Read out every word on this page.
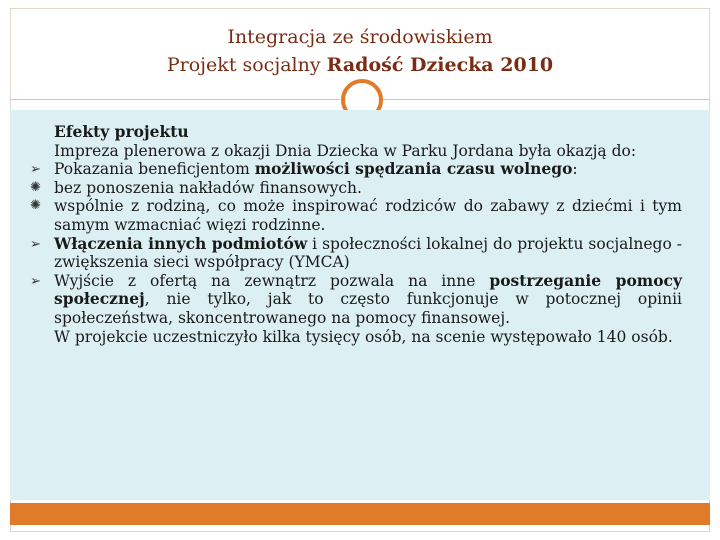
Integracja ze środowiskiem
Projekt socjalny Radość Dziecka 2010
Efekty projektu
Impreza plenerowa z okazji Dnia Dziecka w Parku Jordana była okazją do:
➢ Pokazania beneficjentom możliwości spędzania czasu wolnego:
✺ bez ponoszenia nakładów finansowych.
✺ wspólnie z rodziną, co może inspirować rodziców do zabawy z dziećmi i tym samym wzmacniać więzi rodzinne.
➢ Włączenia innych podmiotów i społeczności lokalnej do projektu socjalnego - zwiększenia sieci współpracy (YMCA)
➢ Wyjście z ofertą na zewnątrz pozwala na inne postrzeganie pomocy społecznej, nie tylko, jak to często funkcjonuje w potocznej opinii społeczeństwa, skoncentrowanego na pomocy finansowej.
W projekcie uczestniczyło kilka tysięcy osób, na scenie występowało 140 osób.
